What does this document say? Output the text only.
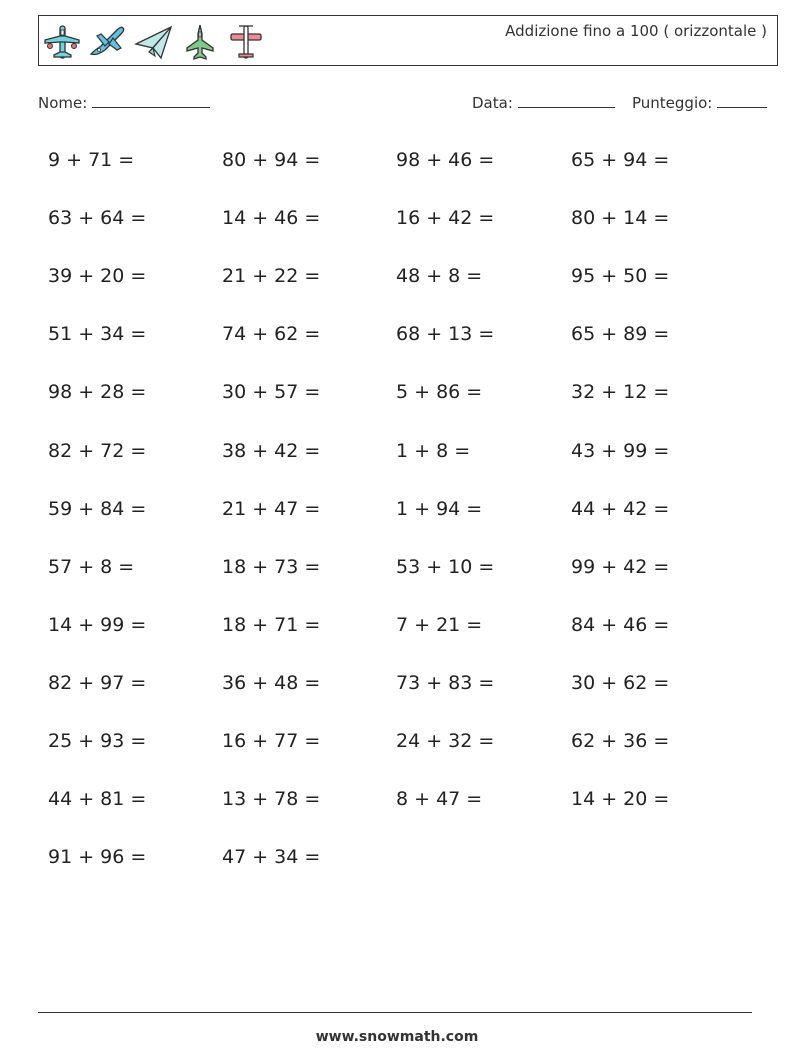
Addizione fino a 100 ( orizzontale )
Nome:	Data:	Punteggio:
9 + 71 =	80 + 94 =	98 + 46 =	65 + 94 =
63 + 64 =	14 + 46 =	16 + 42 =	80 + 14 =
39 + 20 =	21 + 22 =	48 + 8 =	95 + 50 =
51 + 34 =	74 + 62 =	68 + 13 =	65 + 89 =
98 + 28 =	30 + 57 =	5 + 86 =	32 + 12 =
82 + 72 =	38 + 42 =	1 + 8 =	43 + 99 =
59 + 84 =	21 + 47 =	1 + 94 =	44 + 42 =
57 + 8 =	18 + 73 =	53 + 10 =	99 + 42 =
14 + 99 =	18 + 71 =	7 + 21 =	84 + 46 =
82 + 97 =	36 + 48 =	73 + 83 =	30 + 62 =
25 + 93 =	16 + 77 =	24 + 32 =	62 + 36 =
44 + 81 =	13 + 78 =	8 + 47 =	14 + 20 =
91 + 96 =	47 + 34 =
www.snowmath.com
